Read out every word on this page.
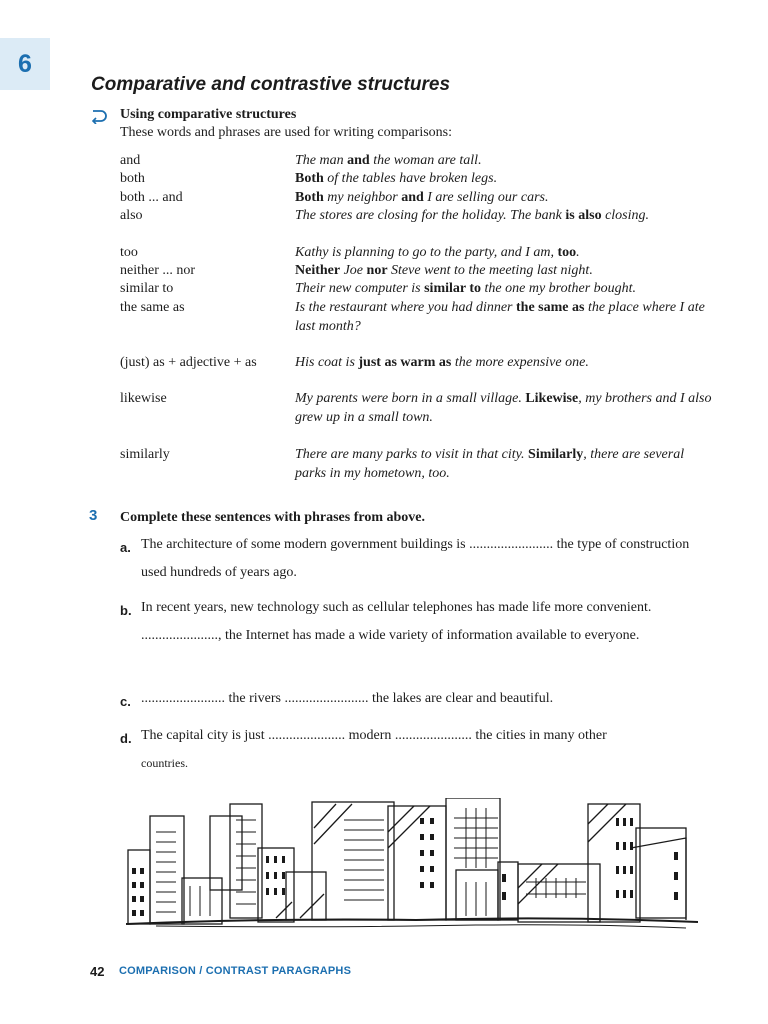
6
Comparative and contrastive structures
Using comparative structures
These words and phrases are used for writing comparisons:
and	The man and the woman are tall.
both	Both of the tables have broken legs.
both ... and	Both my neighbor and I are selling our cars.
also	The stores are closing for the holiday. The bank is also closing.
too	Kathy is planning to go to the party, and I am, too.
neither ... nor	Neither Joe nor Steve went to the meeting last night.
similar to	Their new computer is similar to the one my brother bought.
the same as	Is the restaurant where you had dinner the same as the place where I ate last month?
(just) as + adjective + as	His coat is just as warm as the more expensive one.
likewise	My parents were born in a small village. Likewise, my brothers and I also grew up in a small town.
similarly	There are many parks to visit in that city. Similarly, there are several parks in my hometown, too.
3 Complete these sentences with phrases from above.
a. The architecture of some modern government buildings is ........................ the type of construction used hundreds of years ago.
b. In recent years, new technology such as cellular telephones has made life more convenient. ......................, the Internet has made a wide variety of information available to everyone.
c. ........................ the rivers ........................ the lakes are clear and beautiful.
d. The capital city is just ...................... modern ...................... the cities in many other
countries.
42 COMPARISON / CONTRAST PARAGRAPHS
